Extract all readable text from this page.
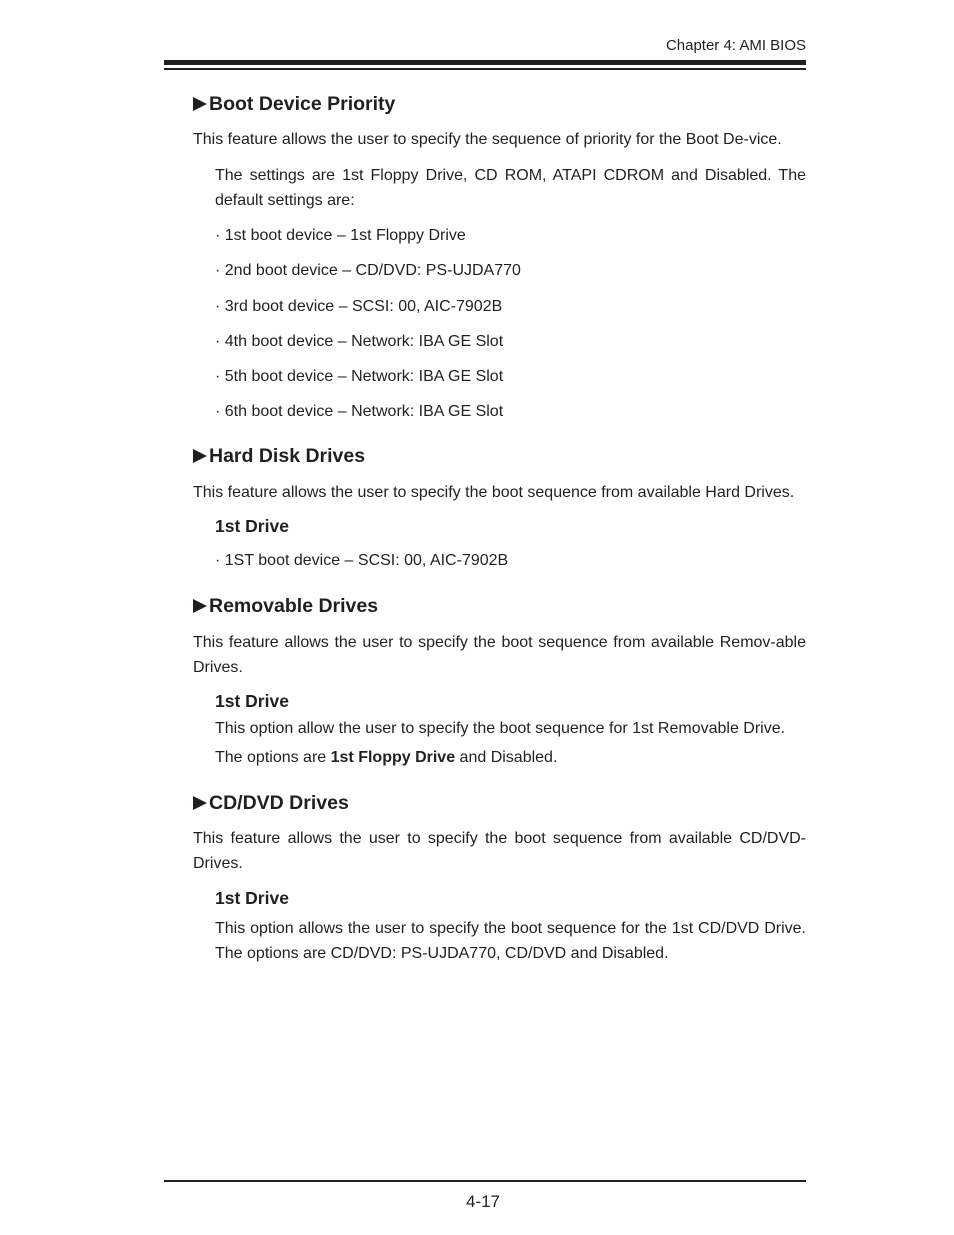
Chapter 4: AMI BIOS
Boot Device Priority

This feature allows the user to specify the sequence of priority for the Boot De-vice.

The settings are 1st Floppy Drive, CD ROM, ATAPI CDROM and Disabled. The default settings are:

· 1st boot device – 1st Floppy Drive

· 2nd boot device – CD/DVD: PS-UJDA770

· 3rd boot device – SCSI: 00, AIC-7902B

· 4th boot device – Network: IBA GE Slot

· 5th boot device – Network: IBA GE Slot

· 6th boot device – Network: IBA GE Slot

Hard Disk Drives

This feature allows the user to specify the boot sequence from available Hard Drives.

1st Drive

· 1ST boot device – SCSI: 00, AIC-7902B

Removable Drives

This feature allows the user to specify the boot sequence from available Remov-able Drives.

1st Drive

This option allow the user to specify the boot sequence for 1st Removable Drive.

The options are 1st Floppy Drive and Disabled.

CD/DVD Drives

This feature allows the user to specify the boot sequence from available CD/DVD-Drives.

1st Drive

This option allows the user to specify the boot sequence for the 1st CD/DVD Drive. The options are CD/DVD: PS-UJDA770, CD/DVD and Disabled.

4-17
